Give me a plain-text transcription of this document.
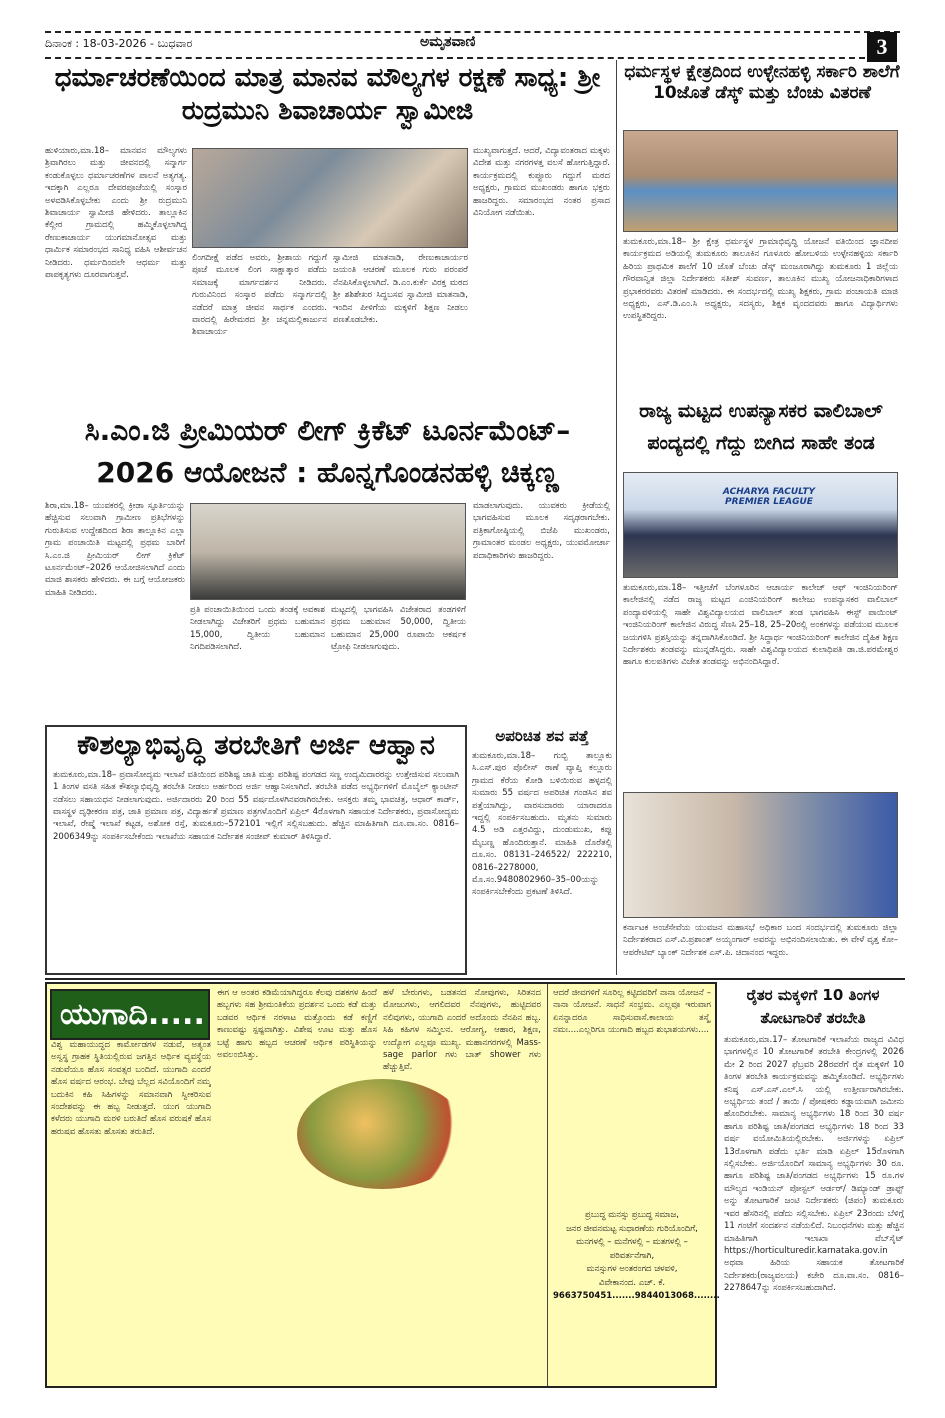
ದಿನಾಂಕ : 18-03-2026 - ಬುಧವಾರ	ಅಮೃತವಾಣಿ	3
ಧರ್ಮಾಚರಣೆಯಿಂದ ಮಾತ್ರ ಮಾನವ ಮೌಲ್ಯಗಳ ರಕ್ಷಣೆ ಸಾಧ್ಯ: ಶ್ರೀ ರುದ್ರಮುನಿ ಶಿವಾಚಾರ್ಯ ಸ್ವಾಮೀಜಿ
ಹುಳಿಯಾರು,ಮಾ.18– ಮಾನವನ ಮೌಲ್ಯಗಳು ಶ್ರಿವಾಗಿರಲು ಮತ್ತು ಜೀವನದಲ್ಲಿ ಸನ್ಮಾರ್ಗ ಕಂಡುಕೊಳ್ಳಲು ಧರ್ಮಾಚರಣೆಗಳ ಪಾಲನೆ ಅತ್ಯಗತ್ಯ. ಇದಕ್ಕಾಗಿ ಎಲ್ಲರೂ ದೇವರಪೂಜೆಯಲ್ಲಿ ಸಂಸ್ಕಾರ ಅಳವಡಿಸಿಕೊಳ್ಳಬೇಕು ಎಂದು ಶ್ರೀ ರುದ್ರಮುನಿ ಶಿವಾಚಾರ್ಯ ಸ್ವಾಮೀಜಿ ಹೇಳಿದರು. ತಾಲ್ಲೂಕಿನ ಕೆಲ್ಲೀರ ಗ್ರಾಮದಲ್ಲಿ ಹಮ್ಮಿಕೊಳ್ಳಲಾಗಿದ್ದ ರೇಣುಕಾಚಾರ್ಯ ಯುಗಮಾನೋತ್ಸವ ಮತ್ತು ಧಾರ್ಮಿಕ ಸಮಾರಂಭದ ಸಾನಿಧ್ಯ ವಹಿಸಿ ಆಶೀರ್ವಚನ ನೀಡಿದರು. ಧರ್ಮದಿಂದಲೇ ಆಧರ್ಮ ಮತ್ತು ಪಾಪಕೃತ್ಯಗಳು ದೂರವಾಗುತ್ತವೆ.
ಮುಖ್ಯವಾಗುತ್ತದೆ. ಆದರೆ, ವಿದ್ಯಾವಂತರಾದ ಮಕ್ಕಳು ವಿದೇಶ ಮತ್ತು ನಗರಗಳತ್ತ ವಲಸೆ ಹೋಗುತ್ತಿದ್ದಾರೆ. ಕಾರ್ಯಕ್ರಮದಲ್ಲಿ ಕುಪ್ಪೂರು ಗದ್ದುಗೆ ಮಠದ ಅಧ್ಯಕ್ಷರು, ಗ್ರಾಮದ ಮುಖಂಡರು ಹಾಗೂ ಭಕ್ತರು ಹಾಜರಿದ್ದರು. ಸಮಾರಂಭದ ನಂತರ ಪ್ರಸಾದ ವಿನಿಯೋಗ ನಡೆಯಿತು.
ಲಿಂಗದೀಕ್ಷೆ ಪಡೆದ ಅವರು, ಶ್ರೀಶಾಯ ಗದ್ದುಗೆ ಪೂಜೆ ಮೂಲಕ ಲಿಂಗ ಸಾಕ್ಷಾತ್ಕಾರ ಪಡೆದು ಸಮಾಜಕ್ಕೆ ಮಾರ್ಗದರ್ಶನ ನೀಡಿದರು. ಗುರುವಿನಿಂದ ಸಂಸ್ಕಾರ ಪಡೆದು ಸನ್ಮಾರ್ಗದಲ್ಲಿ ನಡೆದರೆ ಮಾತ್ರ ಜೀವನ ಸಾರ್ಥಕ ಎಂದರು. ವಾರದಲ್ಲಿ ಹಿರೇಮಠದ ಶ್ರೀ ಚನ್ನಮಲ್ಲಿಕಾರ್ಜುನ ಶಿವಾಚಾರ್ಯ
ಸ್ವಾಮೀಜಿ ಮಾತನಾಡಿ, ರೇಣುಕಾಚಾರ್ಯರ ಜಯಂತಿ ಆಚರಣೆ ಮೂಲಕ ಗುರು ಪರಂಪರೆ ನೆನಪಿಸಿಕೊಳ್ಳಲಾಗಿದೆ. ಡಿ.ಎಂ.ಕುರ್ಕೆ ವಿರಕ್ತ ಮಠದ ಶ್ರೀ ಶಶಿಶೇಖರ ಸಿದ್ಧಬಸವ ಸ್ವಾಮೀಜಿ ಮಾತನಾಡಿ, ಇಂದಿನ ಪೀಳಿಗೆಯ ಮಕ್ಕಳಿಗೆ ಶಿಕ್ಷಣ ನೀಡಲು ಪಣತೊಡಬೇಕು.
ಧರ್ಮಸ್ಥಳ ಕ್ಷೇತ್ರದಿಂದ ಉಳ್ಳೇನಹಳ್ಳಿ ಸರ್ಕಾರಿ ಶಾಲೆಗೆ 10ಜೊತೆ ಡೆಸ್ಕ್ ಮತ್ತು ಬೆಂಚು ವಿತರಣೆ
ತುಮಕೂರು,ಮಾ.18– ಶ್ರೀ ಕ್ಷೇತ್ರ ಧರ್ಮಸ್ಥಳ ಗ್ರಾಮಾಭಿವೃದ್ಧಿ ಯೋಜನೆ ವತಿಯಿಂದ ಜ್ಞಾನದೀಪ ಕಾರ್ಯಕ್ರಮದ ಅಡಿಯಲ್ಲಿ ತುಮಕೂರು ತಾಲೂಕಿನ ಗೂಳೂರು ಹೋಬಳಿಯ ಉಳ್ಳೇನಹಳ್ಳಿಯ ಸರ್ಕಾರಿ ಹಿರಿಯ ಪ್ರಾಥಮಿಕ ಶಾಲೆಗೆ 10 ಜೊತೆ ಬೆಂಚು ಡೆಸ್ಕ್ ಮಂಜೂರಾಗಿದ್ದು ತುಮಕೂರು 1 ಜಿಲ್ಲೆಯ ಗೌರವಾನ್ವಿತ ಜಿಲ್ಲಾ ನಿರ್ದೇಶಕರು ಸತೀಶ್ ಸುವರ್ಣ, ತಾಲೂಕಿನ ಮುಖ್ಯ ಯೋಜನಾಧಿಕಾರಿಗಳಾದ ಪ್ರಭಾಕರರವರು ವಿತರಣೆ ಮಾಡಿದರು. ಈ ಸಂದರ್ಭದಲ್ಲಿ ಮುಖ್ಯ ಶಿಕ್ಷಕರು, ಗ್ರಾಮ ಪಂಚಾಯತಿ ಮಾಜಿ ಅಧ್ಯಕ್ಷರು, ಎಸ್.ಡಿ.ಎಂ.ಸಿ ಅಧ್ಯಕ್ಷರು, ಸದಸ್ಯರು, ಶಿಕ್ಷಕ ವೃಂದದವರು ಹಾಗೂ ವಿದ್ಯಾರ್ಥಿಗಳು ಉಪಸ್ಥಿತರಿದ್ದರು.
ಸಿ.ಎಂ.ಜಿ ಪ್ರೀಮಿಯರ್ ಲೀಗ್ ಕ್ರಿಕೆಟ್ ಟೂರ್ನಮೆಂಟ್– 2026 ಆಯೋಜನೆ : ಹೊನ್ನಗೊಂಡನಹಳ್ಳಿ ಚಿಕ್ಕಣ್ಣ
ಶಿರಾ,ಮಾ.18– ಯುವಕರಲ್ಲಿ ಕ್ರೀಡಾ ಸ್ಫೂರ್ತಿಯನ್ನು ಹೆಚ್ಚಿಸುವ ಸಲುವಾಗಿ ಗ್ರಾಮೀಣ ಪ್ರತಿಭೆಗಳನ್ನು ಗುರುತಿಸುವ ಉದ್ದೇಶದಿಂದ ಶಿರಾ ತಾಲ್ಲೂಕಿನ ಎಲ್ಲಾ ಗ್ರಾಮ ಪಂಚಾಯಿತಿ ಮಟ್ಟದಲ್ಲಿ ಪ್ರಥಮ ಬಾರಿಗೆ ಸಿ.ಎಂ.ಜಿ ಪ್ರೀಮಿಯರ್ ಲೀಗ್ ಕ್ರಿಕೆಟ್ ಟೂರ್ನಮೆಂಟ್–2026 ಆಯೋಜಿಸಲಾಗಿದೆ ಎಂದು ಮಾಜಿ ಶಾಸಕರು ಹೇಳಿದರು. ಈ ಬಗ್ಗೆ ಆಯೋಜಕರು ಮಾಹಿತಿ ನೀಡಿದರು.
ಪ್ರತಿ ಪಂಚಾಯಿತಿಯಿಂದ ಒಂದು ತಂಡಕ್ಕೆ ಅವಕಾಶ ನೀಡಲಾಗಿದ್ದು ವಿಜೇತರಿಗೆ ಪ್ರಥಮ ಬಹುಮಾನ 15,000, ದ್ವಿತೀಯ ಬಹುಮಾನ ನಿಗದಿಪಡಿಸಲಾಗಿದೆ.
ಮಟ್ಟದಲ್ಲಿ ಭಾಗವಹಿಸಿ ವಿಜೇತರಾದ ತಂಡಗಳಿಗೆ ಪ್ರಥಮ ಬಹುಮಾನ 50,000, ದ್ವಿತೀಯ ಬಹುಮಾನ 25,000 ರೂಪಾಯಿ ಆಕರ್ಷಕ ಟ್ರೋಫಿ ನೀಡಲಾಗುವುದು.
ಮಾಡಲಾಗುವುದು. ಯುವಕರು ಕ್ರೀಡೆಯಲ್ಲಿ ಭಾಗವಹಿಸುವ ಮೂಲಕ ಸದೃಢರಾಗಬೇಕು. ಪತ್ರಿಕಾಗೋಷ್ಠಿಯಲ್ಲಿ ಬಿಜೆಪಿ ಮುಖಂಡರು, ಗ್ರಾಮಾಂತರ ಮಂಡಲ ಅಧ್ಯಕ್ಷರು, ಯುವಮೋರ್ಚಾ ಪದಾಧಿಕಾರಿಗಳು ಹಾಜರಿದ್ದರು.
ರಾಜ್ಯ ಮಟ್ಟದ ಉಪನ್ಯಾಸಕರ ವಾಲಿಬಾಲ್ ಪಂದ್ಯದಲ್ಲಿ ಗೆದ್ದು ಬೀಗಿದ ಸಾಹೇ ತಂಡ
ACHARYA FACULTY PREMIER LEAGUE
ತುಮಕೂರು,ಮಾ.18– ಇತ್ತೀಚೆಗೆ ಬೆಂಗಳೂರಿನ ಆಚಾರ್ಯ ಕಾಲೇಜ್ ಆಫ್ ಇಂಜಿನಿಯರಿಂಗ್ ಕಾಲೇಜಿನಲ್ಲಿ ನಡೆದ ರಾಜ್ಯ ಮಟ್ಟದ ಎಂಜಿನಿಯರಿಂಗ್ ಕಾಲೇಜು ಉಪನ್ಯಾಸಕರ ವಾಲಿಬಾಲ್ ಪಂದ್ಯಾವಳಿಯಲ್ಲಿ ಸಾಹೇ ವಿಶ್ವವಿದ್ಯಾಲಯದ ವಾಲಿಬಾಲ್ ತಂಡ ಭಾಗವಹಿಸಿ ಈಸ್ಟ್ ಪಾಯಿಂಟ್ ಇಂಜಿನಿಯರಿಂಗ್ ಕಾಲೇಜಿನ ವಿರುದ್ಧ ಸೆಣಸಿ 25–18, 25–20ರಲ್ಲಿ ಅಂಕಗಳನ್ನು ಪಡೆಯುವ ಮೂಲಕ ಜಯಗಳಿಸಿ ಪ್ರಶಸ್ತಿಯನ್ನು ತನ್ನದಾಗಿಸಿಕೊಂಡಿದೆ. ಶ್ರೀ ಸಿದ್ಧಾರ್ಥ ಇಂಜಿನಿಯರಿಂಗ್ ಕಾಲೇಜಿನ ದೈಹಿಕ ಶಿಕ್ಷಣ ನಿರ್ದೇಶಕರು ತಂಡವನ್ನು ಮುನ್ನಡೆಸಿದ್ದರು. ಸಾಹೇ ವಿಶ್ವವಿದ್ಯಾಲಯದ ಕುಲಾಧಿಪತಿ ಡಾ.ಜಿ.ಪರಮೇಶ್ವರ ಹಾಗೂ ಕುಲಪತಿಗಳು ವಿಜೇತ ತಂಡವನ್ನು ಅಭಿನಂದಿಸಿದ್ದಾರೆ.
ಕರ್ನಾಟಕ ಅಂಚೆಸೇವೆಯ ಯುವಜನ ಮಹಾಸಭೆ ಅಧಿಕಾರ ಬಂದ ಸಂದರ್ಭದಲ್ಲಿ ತುಮಕೂರು ಜಿಲ್ಲಾ ನಿರ್ದೇಶಕರಾದ ಎಸ್.ವಿ.ಪ್ರಶಾಂತ್ ಅಯ್ಯಂಗಾರ್ ಅವರನ್ನು ಅಭಿನಂದಿಸಲಾಯಿತು. ಈ ವೇಳೆ ವೃತ್ತ ಕೋ–ಆಪರೇಟಿವ್ ಬ್ಯಾಂಕ್ ನಿರ್ದೇಶಕ ಎಸ್.ಪಿ. ಚಿದಾನಂದ ಇದ್ದರು.
ಕೌಶಲ್ಯಾಭಿವೃದ್ಧಿ ತರಬೇತಿಗೆ ಅರ್ಜಿ ಆಹ್ವಾನ
ತುಮಕೂರು,ಮಾ.18– ಪ್ರವಾಸೋದ್ಯಮ ಇಲಾಖೆ ವತಿಯಿಂದ ಪರಿಶಿಷ್ಟ ಜಾತಿ ಮತ್ತು ಪರಿಶಿಷ್ಟ ಪಂಗಡದ ಸಣ್ಣ ಉದ್ಯಮಿದಾರರನ್ನು ಉತ್ತೇಜಿಸುವ ಸಲುವಾಗಿ 1 ತಿಂಗಳ ವಸತಿ ಸಹಿತ ಕೌಶಲ್ಯಾಭಿವೃದ್ಧಿ ತರಬೇತಿ ನೀಡಲು ಅರ್ಹರಿಂದ ಅರ್ಜಿ ಆಹ್ವಾನಿಸಲಾಗಿದೆ. ತರಬೇತಿ ಪಡೆದ ಅಭ್ಯರ್ಥಿಗಳಿಗೆ ಮೊಬೈಲ್ ಕ್ಯಾಂಟೀನ್ ನಡೆಸಲು ಸಹಾಯಧನ ನೀಡಲಾಗುವುದು. ಅರ್ಜಿದಾರರು 20 ರಿಂದ 55 ವರ್ಷದೊಳಗಿನವರಾಗಿರಬೇಕು. ಆಸಕ್ತರು ತಮ್ಮ ಭಾವಚಿತ್ರ, ಆಧಾರ್ ಕಾರ್ಡ್, ವಾಸಸ್ಥಳ ದೃಢೀಕರಣ ಪತ್ರ, ಜಾತಿ ಪ್ರಮಾಣ ಪತ್ರ, ವಿದ್ಯಾರ್ಹತೆ ಪ್ರಮಾಣ ಪತ್ರಗಳೊಂದಿಗೆ ಏಪ್ರಿಲ್ 4ರೊಳಗಾಗಿ ಸಹಾಯಕ ನಿರ್ದೇಶಕರು, ಪ್ರವಾಸೋದ್ಯಮ ಇಲಾಖೆ, ರೇಷ್ಮೆ ಇಲಾಖೆ ಕಟ್ಟಡ, ಅಶೋಕ ರಸ್ತೆ, ತುಮಕೂರು–572101 ಇಲ್ಲಿಗೆ ಸಲ್ಲಿಸಬಹುದು. ಹೆಚ್ಚಿನ ಮಾಹಿತಿಗಾಗಿ ದೂ.ವಾ.ಸಂ. 0816–2006349ನ್ನು ಸಂಪರ್ಕಿಸಬೇಕೆಂದು ಇಲಾಖೆಯ ಸಹಾಯಕ ನಿರ್ದೇಶಕ ಸಂಜೀವ್ ಕುಮಾರ್ ತಿಳಿಸಿದ್ದಾರೆ.
ಅಪರಿಚಿತ ಶವ ಪತ್ತೆ
ತುಮಕೂರು,ಮಾ.18– ಗುಬ್ಬಿ ತಾಲ್ಲೂಕು ಸಿ.ಎಸ್.ಪುರ ಪೊಲೀಸ್ ಠಾಣೆ ವ್ಯಾಪ್ತಿ ಕಲ್ಲೂರು ಗ್ರಾಮದ ಕೆರೆಯ ಕೋಡಿ ಬಳಿಯಿರುವ ಹಳ್ಳದಲ್ಲಿ ಸುಮಾರು 55 ವರ್ಷದ ಅಪರಿಚಿತ ಗಂಡಸಿನ ಶವ ಪತ್ತೆಯಾಗಿದ್ದು, ವಾರಸುದಾರರು ಯಾರಾದರೂ ಇದ್ದಲ್ಲಿ ಸಂಪರ್ಕಿಸಬಹುದು. ಮೃತನು ಸುಮಾರು 4.5 ಅಡಿ ಎತ್ತರವಿದ್ದು, ದುಂಡುಮುಖ, ಕಪ್ಪು ಮೈಬಣ್ಣ ಹೊಂದಿರುತ್ತಾನೆ. ಮಾಹಿತಿ ದೊರೆತಲ್ಲಿ ದೂ.ಸಂ. 08131–246522/ 222210, 0816–2278000, ಮೊ.ಸಂ.9480802960–35–00ಯನ್ನು ಸಂಪರ್ಕಿಸಬೇಕೆಂದು ಪ್ರಕಟಣೆ ತಿಳಿಸಿದೆ.
ಯುಗಾದಿ.....
ವಿಶ್ವ ಮಹಾಯುದ್ಧದ ಕಾರ್ಮೋಡಗಳ ನಡುವೆ, ಅತ್ಯಂತ ಅಸ್ವಸ್ಥ ಗ್ರಾಹಕ ಸ್ಥಿತಿಯಲ್ಲಿರುವ ಜಗತ್ತಿನ ಆರ್ಥಿಕ ವ್ಯವಸ್ಥೆಯ ನಡುವೆಯೂ ಹೊಸ ಸಂವತ್ಸರ ಬಂದಿದೆ. ಯುಗಾದಿ ಎಂದರೆ ಹೊಸ ವರ್ಷದ ಆರಂಭ. ಬೇವು ಬೆಲ್ಲದ ಸವಿಯೊಂದಿಗೆ ನಮ್ಮ ಬದುಕಿನ ಕಹಿ ಸಿಹಿಗಳನ್ನು ಸಮಾನವಾಗಿ ಸ್ವೀಕರಿಸುವ ಸಂದೇಶವನ್ನು ಈ ಹಬ್ಬ ನೀಡುತ್ತದೆ. ಯುಗ ಯುಗಾದಿ ಕಳೆದರು ಯುಗಾದಿ ಮರಳಿ ಬರುತಿದೆ ಹೊಸ ವರುಷಕೆ ಹೊಸ ಹರುಷವ ಹೊಸತು ಹೊಸತು ತರುತಿದೆ.
ಈಗ ಆ ಅಂತರ ಕಡಿಮೆಯಾಗಿದ್ದರೂ ಕೆಲವು ದಶಕಗಳ ಹಿಂದೆ ಹಬ್ಬಗಳು ಸಹ ಶ್ರೀಮಂತಿಕೆಯ ಪ್ರದರ್ಶನ ಒಂದು ಕಡೆ ಮತ್ತು ಬಡವರ ಆರ್ಥಿಕ ನರಳಾಟ ಮತ್ತೊಂದು ಕಡೆ ಕಣ್ಣಿಗೆ ಕಾಣುವಷ್ಟು ಸ್ಪಷ್ಟವಾಗಿತ್ತು. ವಿಶೇಷ ಊಟ ಮತ್ತು ಹೊಸ ಬಟ್ಟೆ ಹಾಗು ಹಬ್ಬದ ಆಚರಣೆ ಆರ್ಥಿಕ ಪರಿಸ್ಥಿತಿಯನ್ನು ಅವಲಂಬಿಸಿತ್ತು.
ಹಳೆ ಬೇರುಗಳು, ಬಡತನದ ನೋವುಗಳು, ಸಿರಿತನದ ಮೋಜುಗಳು, ಆಗಲಿದವರ ನೆನಪುಗಳು, ಹುಟ್ಟಿದವರ ನಲಿವುಗಳು, ಯುಗಾದಿ ಎಂದರೆ ಅದೊಂದು ನೆನಪಿನ ಹಬ್ಬ. ಸಿಹಿ ಕಹಿಗಳ ಸಮ್ಮಿಲನ. ಆರೋಗ್ಯ, ಆಹಾರ, ಶಿಕ್ಷಣ, ಉದ್ಯೋಗ ಎಲ್ಲವೂ ಮುಖ್ಯ. ಮಹಾನಗರಗಳಲ್ಲಿ Mass-sage parlor ಗಳು ಬಾತ್ shower ಗಳು ಹೆಚ್ಚುತ್ತಿವೆ.
ಆದರೆ ಜೀವಗಳಿಗೆ ಸೂರಿಲ್ಲ ಕಟ್ಟಿದವರಿಗೆ ನಾನಾ ಯೋಜನೆ – ನಾನಾ ಯೋಜನೆ. ಸಾಧನೆ ಸಂಭ್ರಮ. ಎಲ್ಲವೂ ಇರುವಾಗ ಏನನ್ನಾದರೂ ಸಾಧಿಸುವಾಸೆ.ಕಾಲಾಯ ತಸ್ಮೈ ನಮಃ....ಎಲ್ಲರಿಗೂ ಯುಗಾದಿ ಹಬ್ಬದ ಶುಭಾಶಯಗಳು....
ಪ್ರಬುದ್ಧ ಮನಸ್ಸು ಪ್ರಬುದ್ಧ ಸಮಾಜ,
ಜನರ ಜೀವನಮಟ್ಟ ಸುಧಾರಣೆಯ ಗುರಿಯೊಂದಿಗೆ,
ಮನಗಳಲ್ಲಿ – ಮನೆಗಳಲ್ಲಿ – ಮತಗಳಲ್ಲಿ –
ಪರಿವರ್ತನೆಗಾಗಿ,
ಮನಸ್ಸುಗಳ ಅಂತರಂಗದ ಚಳವಳಿ,
ವಿವೇಕಾನಂದ. ಎಚ್. ಕೆ.
9663750451.......9844013068........
ರೈತರ ಮಕ್ಕಳಿಗೆ 10 ತಿಂಗಳ ತೋಟಗಾರಿಕೆ ತರಬೇತಿ
ತುಮಕೂರು,ಮಾ.17– ತೋಟಗಾರಿಕೆ ಇಲಾಖೆಯ ರಾಜ್ಯದ ವಿವಿಧ ಭಾಗಗಳಲ್ಲಿನ 10 ತೋಟಗಾರಿಕೆ ತರಬೇತಿ ಕೇಂದ್ರಗಳಲ್ಲಿ 2026 ಮೇ 2 ರಿಂದ 2027 ಫೆಬ್ರವರಿ 28ರವರೆಗೆ ರೈತ ಮಕ್ಕಳಿಗೆ 10 ತಿಂಗಳ ತರಬೇತಿ ಕಾರ್ಯಕ್ರಮವನ್ನು ಹಮ್ಮಿಕೊಂಡಿದೆ. ಅಭ್ಯರ್ಥಿಗಳು ಕನಿಷ್ಠ ಎಸ್.ಎಸ್.ಎಲ್.ಸಿ ಯಲ್ಲಿ ಉತ್ತೀರ್ಣರಾಗಿರಬೇಕು. ಅಭ್ಯರ್ಥಿಯ ತಂದೆ / ತಾಯಿ / ಪೋಷಕರು ಕಡ್ಡಾಯವಾಗಿ ಜಮೀನು ಹೊಂದಿರಬೇಕು. ಸಾಮಾನ್ಯ ಅಭ್ಯರ್ಥಿಗಳು 18 ರಿಂದ 30 ವರ್ಷ ಹಾಗೂ ಪರಿಶಿಷ್ಟ ಜಾತಿ/ಪಂಗಡದ ಅಭ್ಯರ್ಥಿಗಳು 18 ರಿಂದ 33 ವರ್ಷ ವಯೋಮಿತಿಯಲ್ಲಿರಬೇಕು. ಅರ್ಜಿಗಳನ್ನು ಏಪ್ರಿಲ್ 13ರೊಳಗಾಗಿ ಪಡೆದು ಭರ್ತಿ ಮಾಡಿ ಏಪ್ರಿಲ್ 15ರೊಳಗಾಗಿ ಸಲ್ಲಿಸಬೇಕು. ಅರ್ಜಿಯೊಂದಿಗೆ ಸಾಮಾನ್ಯ ಅಭ್ಯರ್ಥಿಗಳು 30 ರೂ. ಹಾಗೂ ಪರಿಶಿಷ್ಟ ಜಾತಿ/ಪಂಗಡದ ಅಭ್ಯರ್ಥಿಗಳು 15 ರೂ.ಗಳ ಮೌಲ್ಯದ ಇಂಡಿಯನ್ ಪೋಸ್ಟಲ್ ಆರ್ಡರ್/ ಡಿಮ್ಯಾಂಡ್ ಡ್ರಾಫ್ಟ್ ಅನ್ನು ತೋಟಗಾರಿಕೆ ಜಂಟಿ ನಿರ್ದೇಶಕರು (ಜಿಪಂ) ತುಮಕೂರು ಇವರ ಹೆಸರಿನಲ್ಲಿ ಪಡೆದು ಸಲ್ಲಿಸಬೇಕು. ಏಪ್ರಿಲ್ 23ರಂದು ಬೆಳಿಗ್ಗೆ 11 ಗಂಟೆಗೆ ಸಂದರ್ಶನ ನಡೆಯಲಿದೆ. ನಿಬಂಧನೆಗಳು ಮತ್ತು ಹೆಚ್ಚಿನ ಮಾಹಿತಿಗಾಗಿ ಇಲಾಖಾ ವೆಬ್‌ಸೈಟ್ https://horticulturedir.karnataka.gov.in ಅಥವಾ ಹಿರಿಯ ಸಹಾಯಕ ತೋಟಗಾರಿಕೆ ನಿರ್ದೇಶಕರು(ರಾಜ್ಯವಲಯ) ಕಚೇರಿ ದೂ.ವಾ.ಸಂ. 0816–2278647ನ್ನು ಸಂಪರ್ಕಿಸಬಹುದಾಗಿದೆ.
